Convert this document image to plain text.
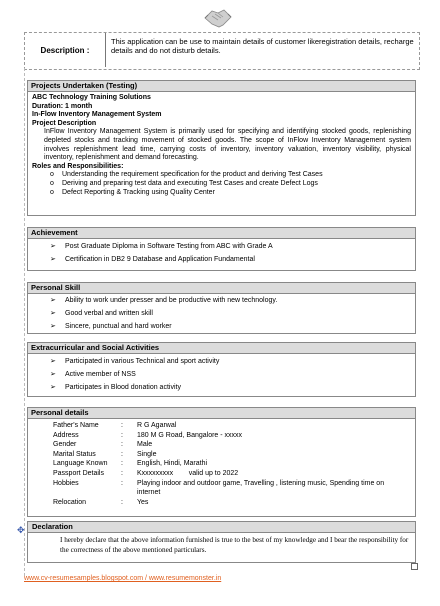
Description :
This application can be use to maintain details of customer likeregistration details, recharge details and do not disturb details.
Projects Undertaken (Testing)
ABC Technology Training Solutions
Duration: 1 month
In-Flow Inventory Management System
Project Description
InFlow Inventory Management System is primarily used for specifying and identifying stocked goods, replenishing depleted stocks and tracking movement of stocked goods. The scope of InFlow Inventory Management system involves replenishment lead time, carrying costs of inventory, inventory valuation, inventory visibility, physical inventory, replenishment and demand forecasting.
Roles and Responsibilities:
o Understanding the requirement specification for the product and deriving Test Cases
o Deriving and preparing test data and executing Test Cases and create Defect Logs
o Defect Reporting & Tracking using Quality Center
Achievement
➢ Post Graduate Diploma in Software Testing from ABC with Grade A
➢ Certification in DB2 9 Database and Application Fundamental
Personal Skill
➢ Ability to work under presser and be productive with new technology.
➢ Good verbal and written skill
➢ Sincere, punctual and hard worker
Extracurricular and Social Activities
➢ Participated in various Technical and sport activity
➢ Active member of NSS
➢ Participates in Blood donation activity
Personal details
Father's Name	: R G Agarwal
Address	: 180 M G Road, Bangalore - xxxxx
Gender	: Male
Marital Status	: Single
Language Known : English, Hindi, Marathi
Passport Details : Kxxxxxxxxx        valid up to 2022
Hobbies	: Playing indoor and outdoor game, Travelling , listening music, Spending time on internet
Relocation	: Yes
✥ Declaration
I hereby declare that the above information furnished is true to the best of my knowledge and I bear the responsibility for the correctness of the above mentioned particulars.
www.cv-resumesamples.blogspot.com / www.resumemonster.in
